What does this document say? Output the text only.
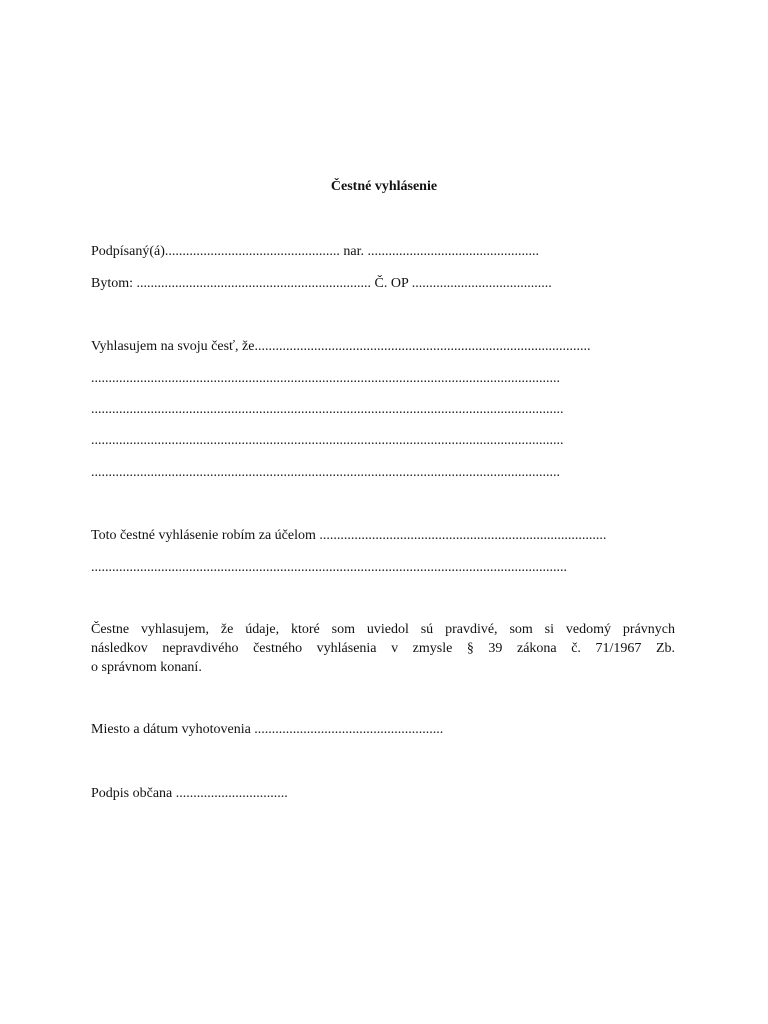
Čestné vyhlásenie
Podpísaný(á).................................................. nar. .................................................
Bytom: ................................................................... Č. OP ........................................
Vyhlasujem na svoju česť, že................................................................................................
......................................................................................................................................
.......................................................................................................................................
.......................................................................................................................................
......................................................................................................................................
Toto čestné vyhlásenie robím za účelom ..................................................................................
........................................................................................................................................
Čestne vyhlasujem, že údaje, ktoré som uviedol sú pravdivé, som si vedomý právnych
následkov nepravdivého čestného vyhlásenia v zmysle § 39 zákona č. 71/1967 Zb.
o správnom konaní.
Miesto a dátum vyhotovenia ......................................................
Podpis občana ................................
